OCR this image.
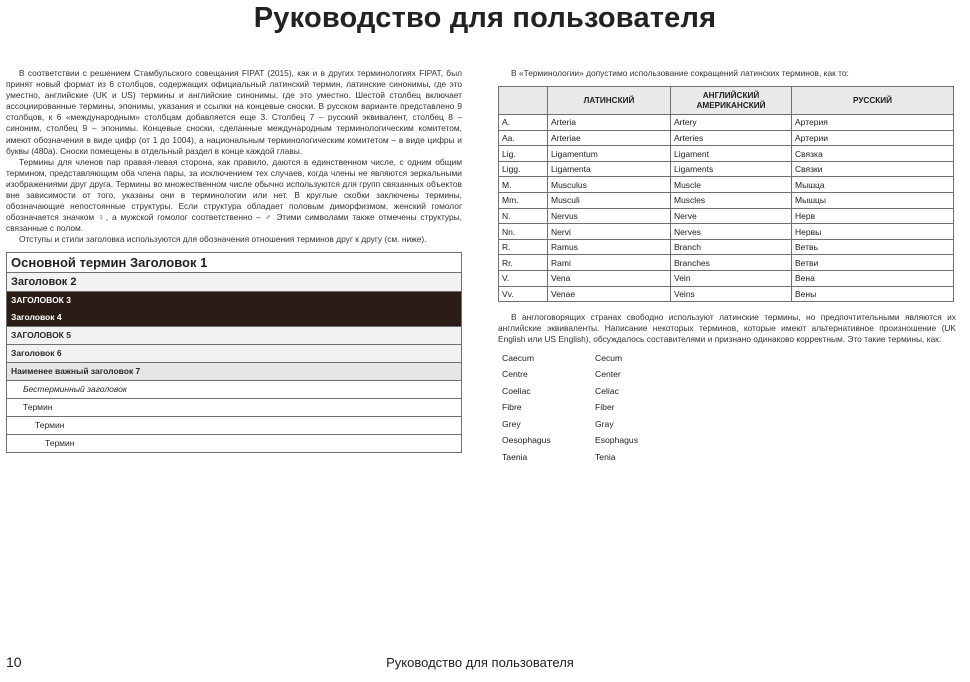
Руководство для пользователя

В соответствии с решением Стамбульского совещания FIPAT (2015), как и в других терминологиях FIPAT, был принят новый формат из 6 столбцов, содержащих официальный латинский термин, латинские синонимы, где это уместно, английские (UK и US) термины и английские синонимы, где это уместно. Шестой столбец включает ассоциированные термины, эпонимы, указания и ссылки на концевые сноски. В русском варианте представлено 9 столбцов, к 6 «международным» столбцам добавляется еще 3. Столбец 7 – русский эквивалент, столбец 8 – синоним, столбец 9 – эпонимы. Концевые сноски, сделанные международным терминологическим комитетом, имеют обозначения в виде цифр (от 1 до 1004), а национальным терминологическим комитетом – в виде цифры и буквы (480а). Сноски помещены в отдельный раздел в конце каждой главы.

Термины для членов пар правая-левая сторона, как правило, даются в единственном числе, с одним общим термином, представляющим оба члена пары, за исключением тех случаев, когда члены не являются зеркальными изображениями друг друга. Термины во множественном числе обычно используются для групп связанных объектов вне зависимости от того, указаны они в терминологии или нет. В круглые скобки заключены термины, обозначающие непостоянные структуры. Если структура обладает половым диморфизмом, женский гомолог обозначается значком ♀, а мужской гомолог соответственно – ♂ Этими символами также отмечены структуры, связанные с полом.

Отступы и стили заголовка используются для обозначения отношения терминов друг к другу (см. ниже).

Основной термин Заголовок 1
Заголовок 2
ЗАГОЛОВОК 3
Заголовок 4
ЗАГОЛОВОК 5
Заголовок 6
Наименее важный заголовок 7
Бестерминный заголовок
Термин
Термин
Термин

В «Терминологии» допустимо использование сокращений латинских терминов, как то:

	ЛАТИНСКИЙ	АНГЛИЙСКИЙ АМЕРИКАНСКИЙ	РУССКИЙ
A.	Arteria	Artery	Артерия
Aa.	Arteriae	Arteries	Артерии
Lig.	Ligamentum	Ligament	Связка
Ligg.	Ligamenta	Ligaments	Связки
M.	Musculus	Muscle	Мышца
Mm.	Musculi	Muscles	Мышцы
N.	Nervus	Nerve	Нерв
Nn.	Nervi	Nerves	Нервы
R.	Ramus	Branch	Ветвь
Rr.	Rami	Branches	Ветви
V.	Vena	Vein	Вена
Vv.	Venae	Veins	Вены

В англоговорящих странах свободно используют латинские термины, но предпочтительными являются их английские эквиваленты. Написание некоторых терминов, которые имеют альтернативное произношение (UK English или US English), обсуждалось составителями и признано одинаково корректным. Это такие термины, как:

Caecum	Cecum
Centre	Center
Coeliac	Celiac
Fibre	Fiber
Grey	Gray
Oesophagus	Esophagus
Taenia	Tenia
10	Руководство для пользователя
